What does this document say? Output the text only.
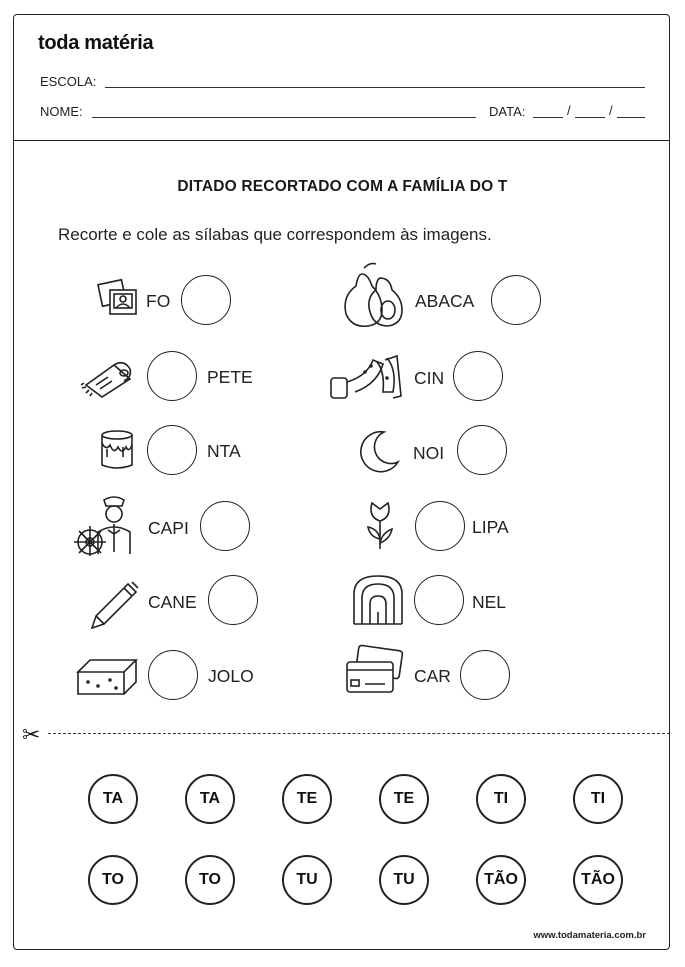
toda matéria
ESCOLA:
NOME:	DATA:	/	/
DITADO RECORTADO COM A FAMÍLIA DO T
Recorte e cole as sílabas que correspondem às imagens.
FO
PETE
NTA
CAPI
CANE
JOLO
ABACA
CIN
NOI
LIPA
NEL
CAR
✂
TA	TA	TE	TE	TI	TI
TO	TO	TU	TU	TÃO	TÃO
www.todamateria.com.br
